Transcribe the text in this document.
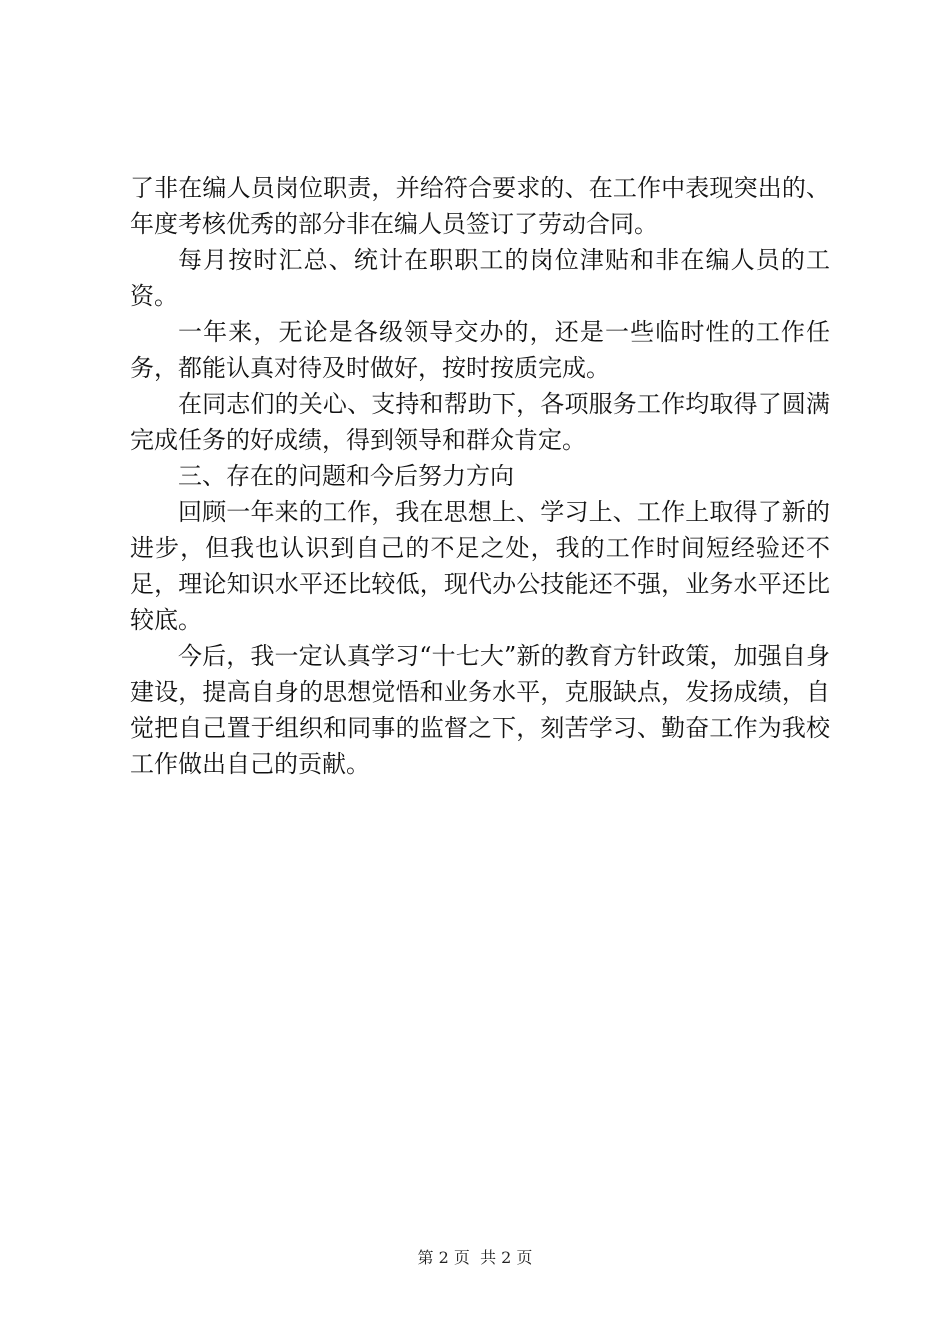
了非在编人员岗位职责，并给符合要求的、在工作中表现突出的、年度考核优秀的部分非在编人员签订了劳动合同。

每月按时汇总、统计在职职工的岗位津贴和非在编人员的工资。

一年来，无论是各级领导交办的，还是一些临时性的工作任务，都能认真对待及时做好，按时按质完成。

在同志们的关心、支持和帮助下，各项服务工作均取得了圆满完成任务的好成绩，得到领导和群众肯定。

三、存在的问题和今后努力方向

回顾一年来的工作，我在思想上、学习上、工作上取得了新的进步，但我也认识到自己的不足之处，我的工作时间短经验还不足，理论知识水平还比较低，现代办公技能还不强，业务水平还比较底。

今后，我一定认真学习“十七大”新的教育方针政策，加强自身建设，提高自身的思想觉悟和业务水平，克服缺点，发扬成绩，自觉把自己置于组织和同事的监督之下，刻苦学习、勤奋工作为我校工作做出自己的贡献。

第 2 页  共 2 页
